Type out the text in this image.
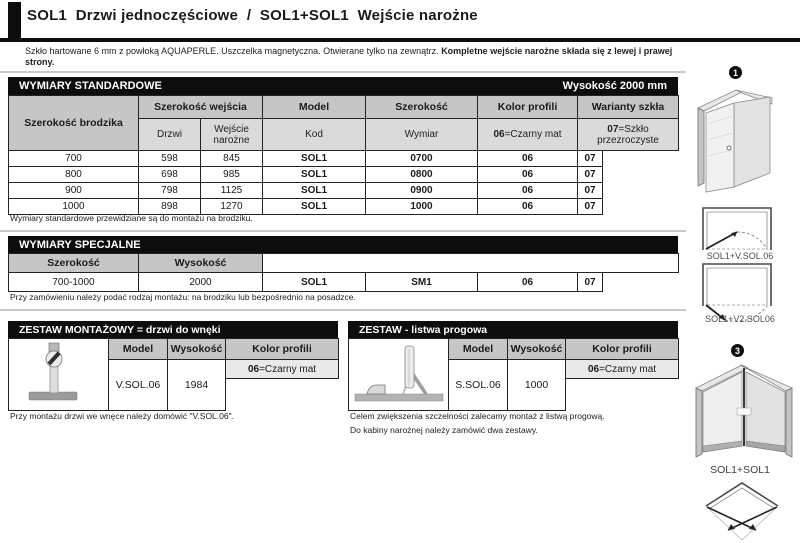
SOL1  Drzwi jednoczęściowe  /  SOL1+SOL1  Wejście narożne
Szkło hartowane 6 mm z powłoką AQUAPERLE. Uszczelka magnetyczna. Otwierane tylko na zewnątrz. Kompletne wejście narożne składa się z lewej i prawej strony.
WYMIARY STANDARDOWE	Wysokość 2000 mm
Szerokość brodzika	Szerokość wejścia		Model	Szerokość	Kolor profili	Warianty szkła	
	Drzwi	Wejście narożne	Kod	Wymiar	06=Czarny mat	07=Szkło przezroczyste	
700	598	845	SOL1	0700	06	07	
800	698	985	SOL1	0800	06	07	
900	798	1125	SOL1	0900	06	07	
1000	898	1270	SOL1	1000	06	07	
Wymiary standardowe przewidziane są do montażu na brodziku.
WYMIARY SPECJALNE
Szerokość	Wysokość					
700-1000	2000	SOL1	SM1	06	07	
Przy zamówieniu należy podać rodzaj montażu: na brodziku lub bezpośrednio na posadzce.
ZESTAW MONTAŻOWY = drzwi do wnęki
	Model	Wysokość	Kolor profili
	V.SOL.06	1984	06=Czarny mat

Przy montażu drzwi we wnęce należy domówić "V.SOL.06".
ZESTAW - listwa progowa
	Model	Wysokość	Kolor profili
	S.SOL.06	1000	06=Czarny mat

Celem zwiększenia szczelności zalecamy montaż z listwą progową.
Do kabiny narożnej należy zamówić dwa zestawy.
1
SOL1+V.SOL.06
SOL1+V2.SOL06
3
SOL1+SOL1
